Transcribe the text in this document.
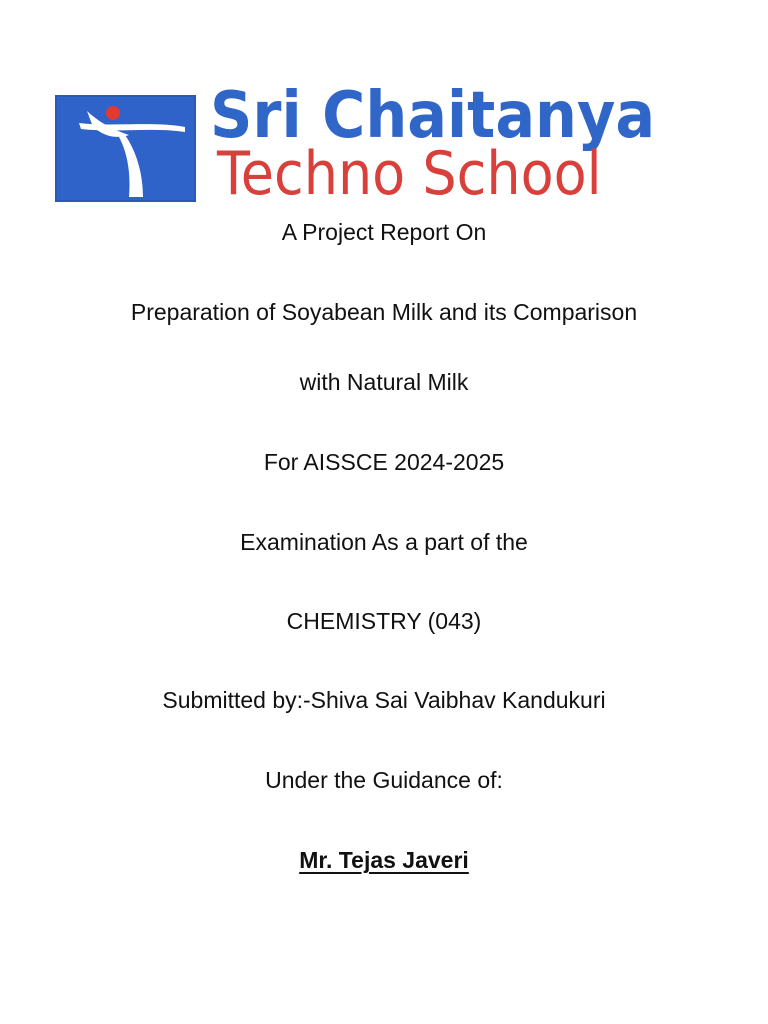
Sri Chaitanya
Techno School
A Project Report On
Preparation of Soyabean Milk and its Comparison
with Natural Milk
For AISSCE 2024-2025
Examination As a part of the
CHEMISTRY (043)
Submitted by:-Shiva Sai Vaibhav Kandukuri
Under the Guidance of:
Mr. Tejas Javeri
